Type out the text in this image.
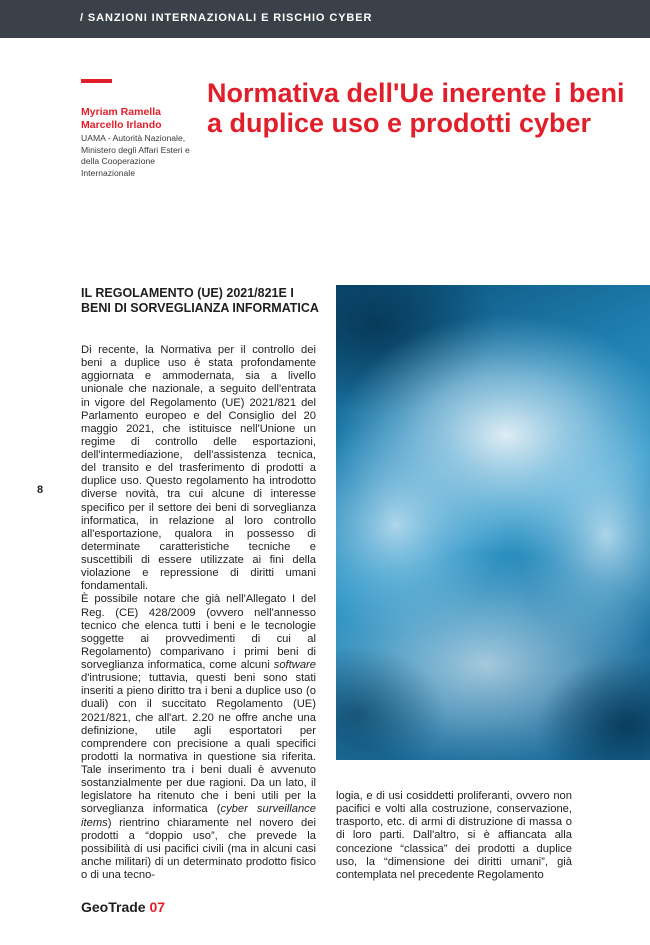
/ SANZIONI INTERNAZIONALI E RISCHIO CYBER
Myriam Ramella
Marcello Irlando
UAMA - Autorità Nazionale, Ministero degli Affari Esteri e della Cooperazione Internazionale
Normativa dell'Ue inerente i beni a duplice uso e prodotti cyber
IL REGOLAMENTO (UE) 2021/821E I BENI DI SORVEGLIANZA INFORMATICA
Di recente, la Normativa per il controllo dei beni a duplice uso è stata profondamente aggiornata e ammodernata, sia a livello unionale che nazionale, a seguito dell'entrata in vigore del Regolamento (UE) 2021/821 del Parlamento europeo e del Consiglio del 20 maggio 2021, che istituisce nell'Unione un regime di controllo delle esportazioni, dell'intermediazione, dell'assistenza tecnica, del transito e del trasferimento di prodotti a duplice uso. Questo regolamento ha introdotto diverse novità, tra cui alcune di interesse specifico per il settore dei beni di sorveglianza informatica, in relazione al loro controllo all'esportazione, qualora in possesso di determinate caratteristiche tecniche e suscettibili di essere utilizzate ai fini della violazione e repressione di diritti umani fondamentali.
È possibile notare che già nell'Allegato I del Reg. (CE) 428/2009 (ovvero nell'annesso tecnico che elenca tutti i beni e le tecnologie soggette ai provvedimenti di cui al Regolamento) comparivano i primi beni di sorveglianza informatica, come alcuni software d'intrusione; tuttavia, questi beni sono stati inseriti a pieno diritto tra i beni a duplice uso (o duali) con il succitato Regolamento (UE) 2021/821, che all'art. 2.20 ne offre anche una definizione, utile agli esportatori per comprendere con precisione a quali specifici prodotti la normativa in questione sia riferita. Tale inserimento tra i beni duali è avvenuto sostanzialmente per due ragioni. Da un lato, il legislatore ha ritenuto che i beni utili per la sorveglianza informatica (cyber surveillance items) rientrino chiaramente nel novero dei prodotti a “doppio uso”, che prevede la possibilità di usi pacifici civili (ma in alcuni casi anche militari) di un determinato prodotto fisico o di una tecno-
logia, e di usi cosiddetti proliferanti, ovvero non pacifici e volti alla costruzione, conservazione, trasporto, etc. di armi di distruzione di massa o di loro parti. Dall'altro, si è affiancata alla concezione “classica” dei prodotti a duplice uso, la “dimensione dei diritti umani”, già contemplata nel precedente Regolamento
8
GeoTrade 07
